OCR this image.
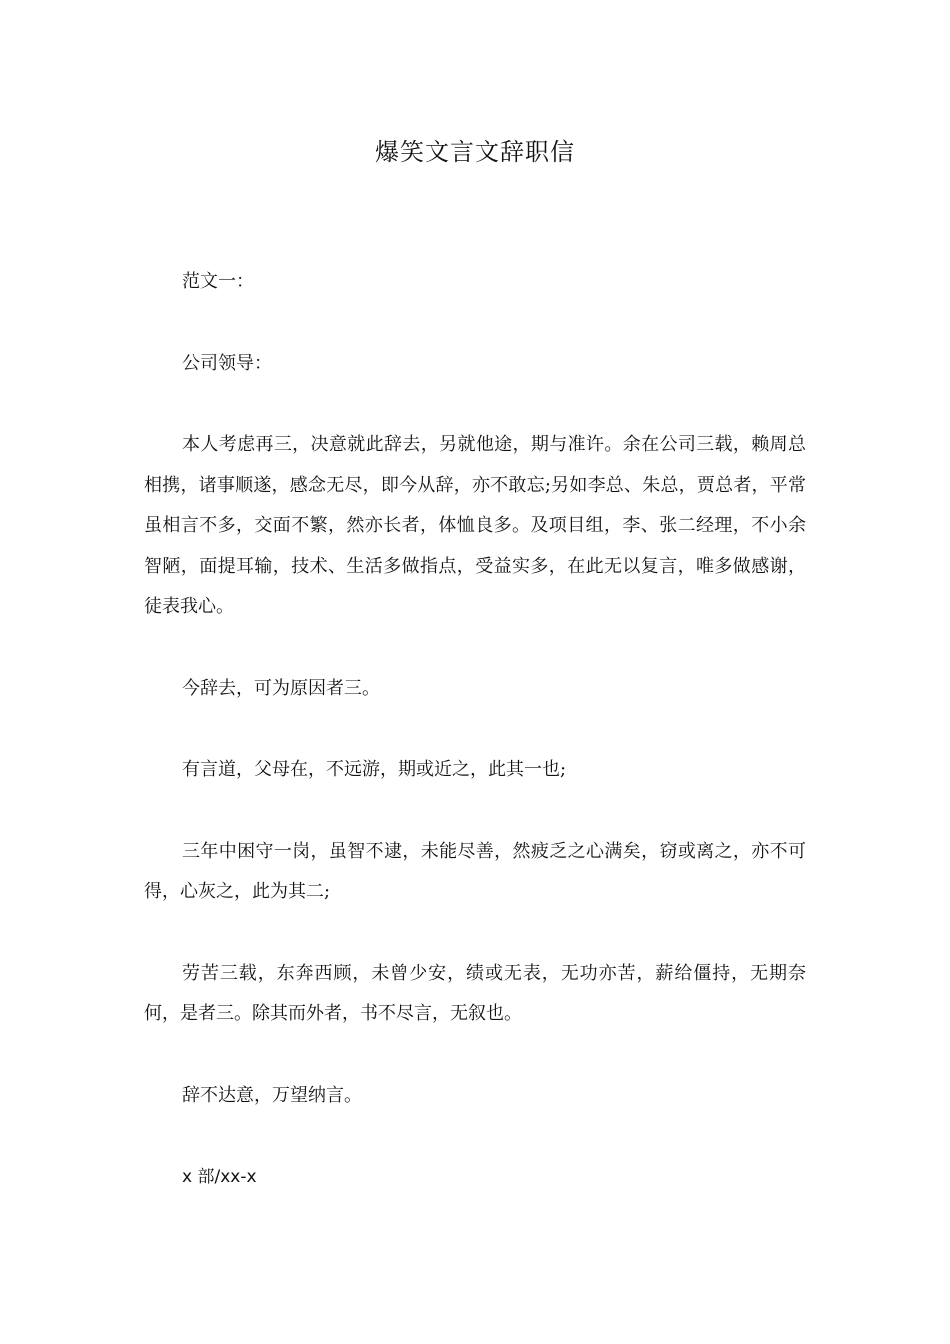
爆笑文言文辞职信

范文一：

公司领导：

本人考虑再三，决意就此辞去，另就他途，期与准许。余在公司三载，赖周总相携，诸事顺遂，感念无尽，即今从辞，亦不敢忘;另如李总、朱总，贾总者，平常虽相言不多，交面不繁，然亦长者，体恤良多。及项目组，李、张二经理，不小余智陋，面提耳输，技术、生活多做指点，受益实多，在此无以复言，唯多做感谢，徒表我心。

今辞去，可为原因者三。

有言道，父母在，不远游，期或近之，此其一也;

三年中困守一岗，虽智不逮，未能尽善，然疲乏之心满矣，窃或离之，亦不可得，心灰之，此为其二;

劳苦三载，东奔西顾，未曾少安，绩或无表，无功亦苦，薪给僵持，无期奈何，是者三。除其而外者，书不尽言，无叙也。

辞不达意，万望纳言。

x 部/xx-x
